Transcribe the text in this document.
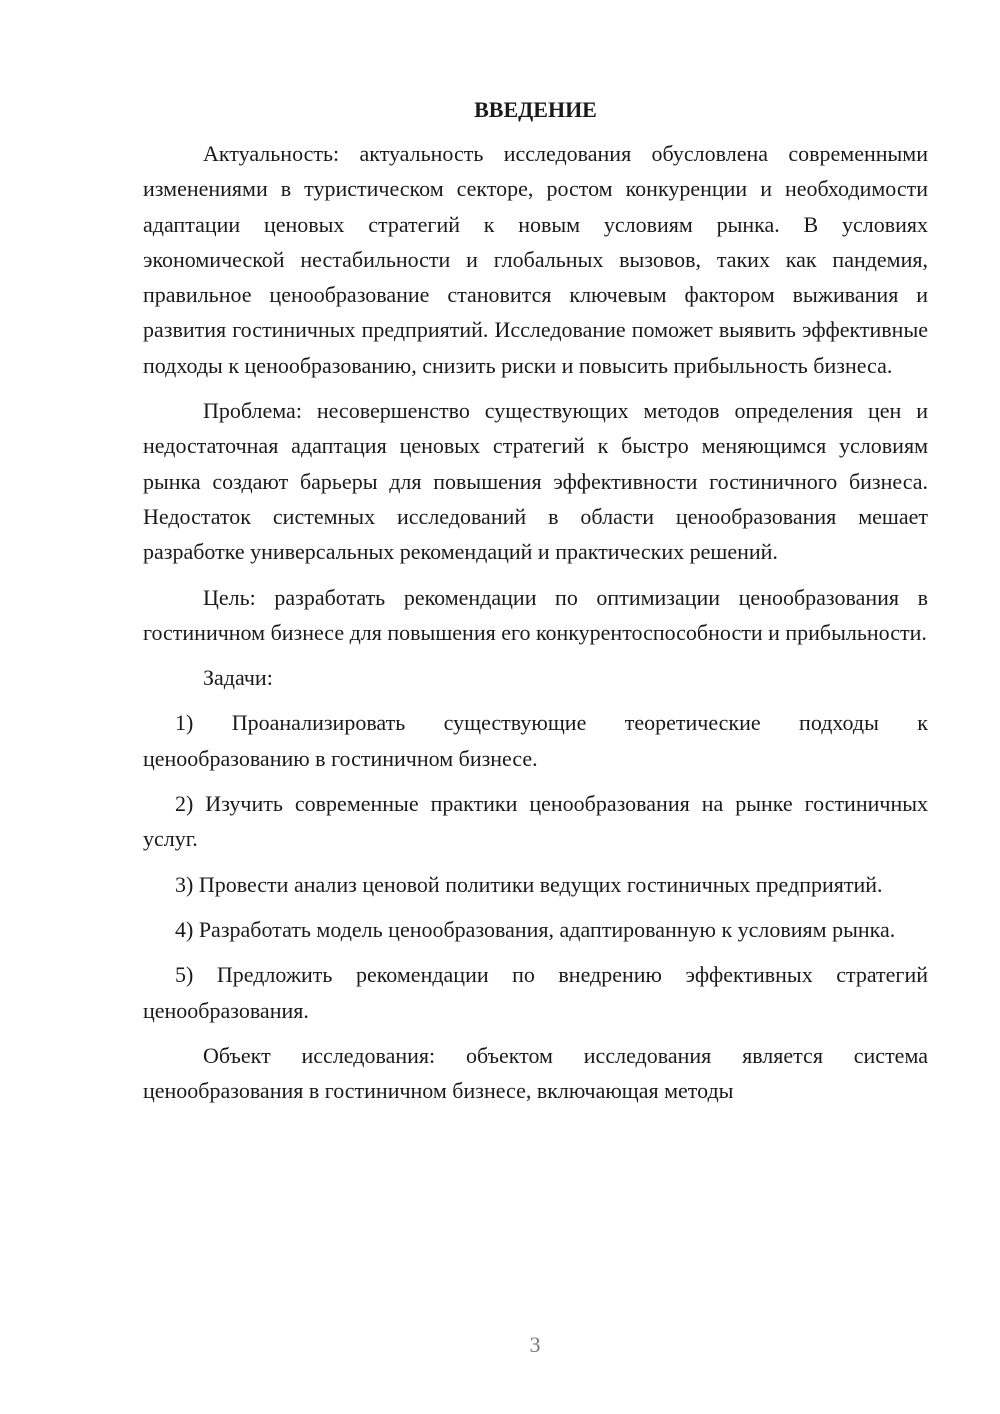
ВВЕДЕНИЕ

Актуальность: актуальность исследования обусловлена современными изменениями в туристическом секторе, ростом конкуренции и необходимости адаптации ценовых стратегий к новым условиям рынка. В условиях экономической нестабильности и глобальных вызовов, таких как пандемия, правильное ценообразование становится ключевым фактором выживания и развития гостиничных предприятий. Исследование поможет выявить эффективные подходы к ценообразованию, снизить риски и повысить прибыльность бизнеса.

Проблема: несовершенство существующих методов определения цен и недостаточная адаптация ценовых стратегий к быстро меняющимся условиям рынка создают барьеры для повышения эффективности гостиничного бизнеса. Недостаток системных исследований в области ценообразования мешает разработке универсальных рекомендаций и практических решений.

Цель: разработать рекомендации по оптимизации ценообразования в гостиничном бизнесе для повышения его конкурентоспособности и прибыльности.

Задачи:

1) Проанализировать существующие теоретические подходы к ценообразованию в гостиничном бизнесе.

2) Изучить современные практики ценообразования на рынке гостиничных услуг.

3) Провести анализ ценовой политики ведущих гостиничных предприятий.

4) Разработать модель ценообразования, адаптированную к условиям рынка.

5) Предложить рекомендации по внедрению эффективных стратегий ценообразования.

Объект исследования: объектом исследования является система ценообразования в гостиничном бизнесе, включающая методы

3
